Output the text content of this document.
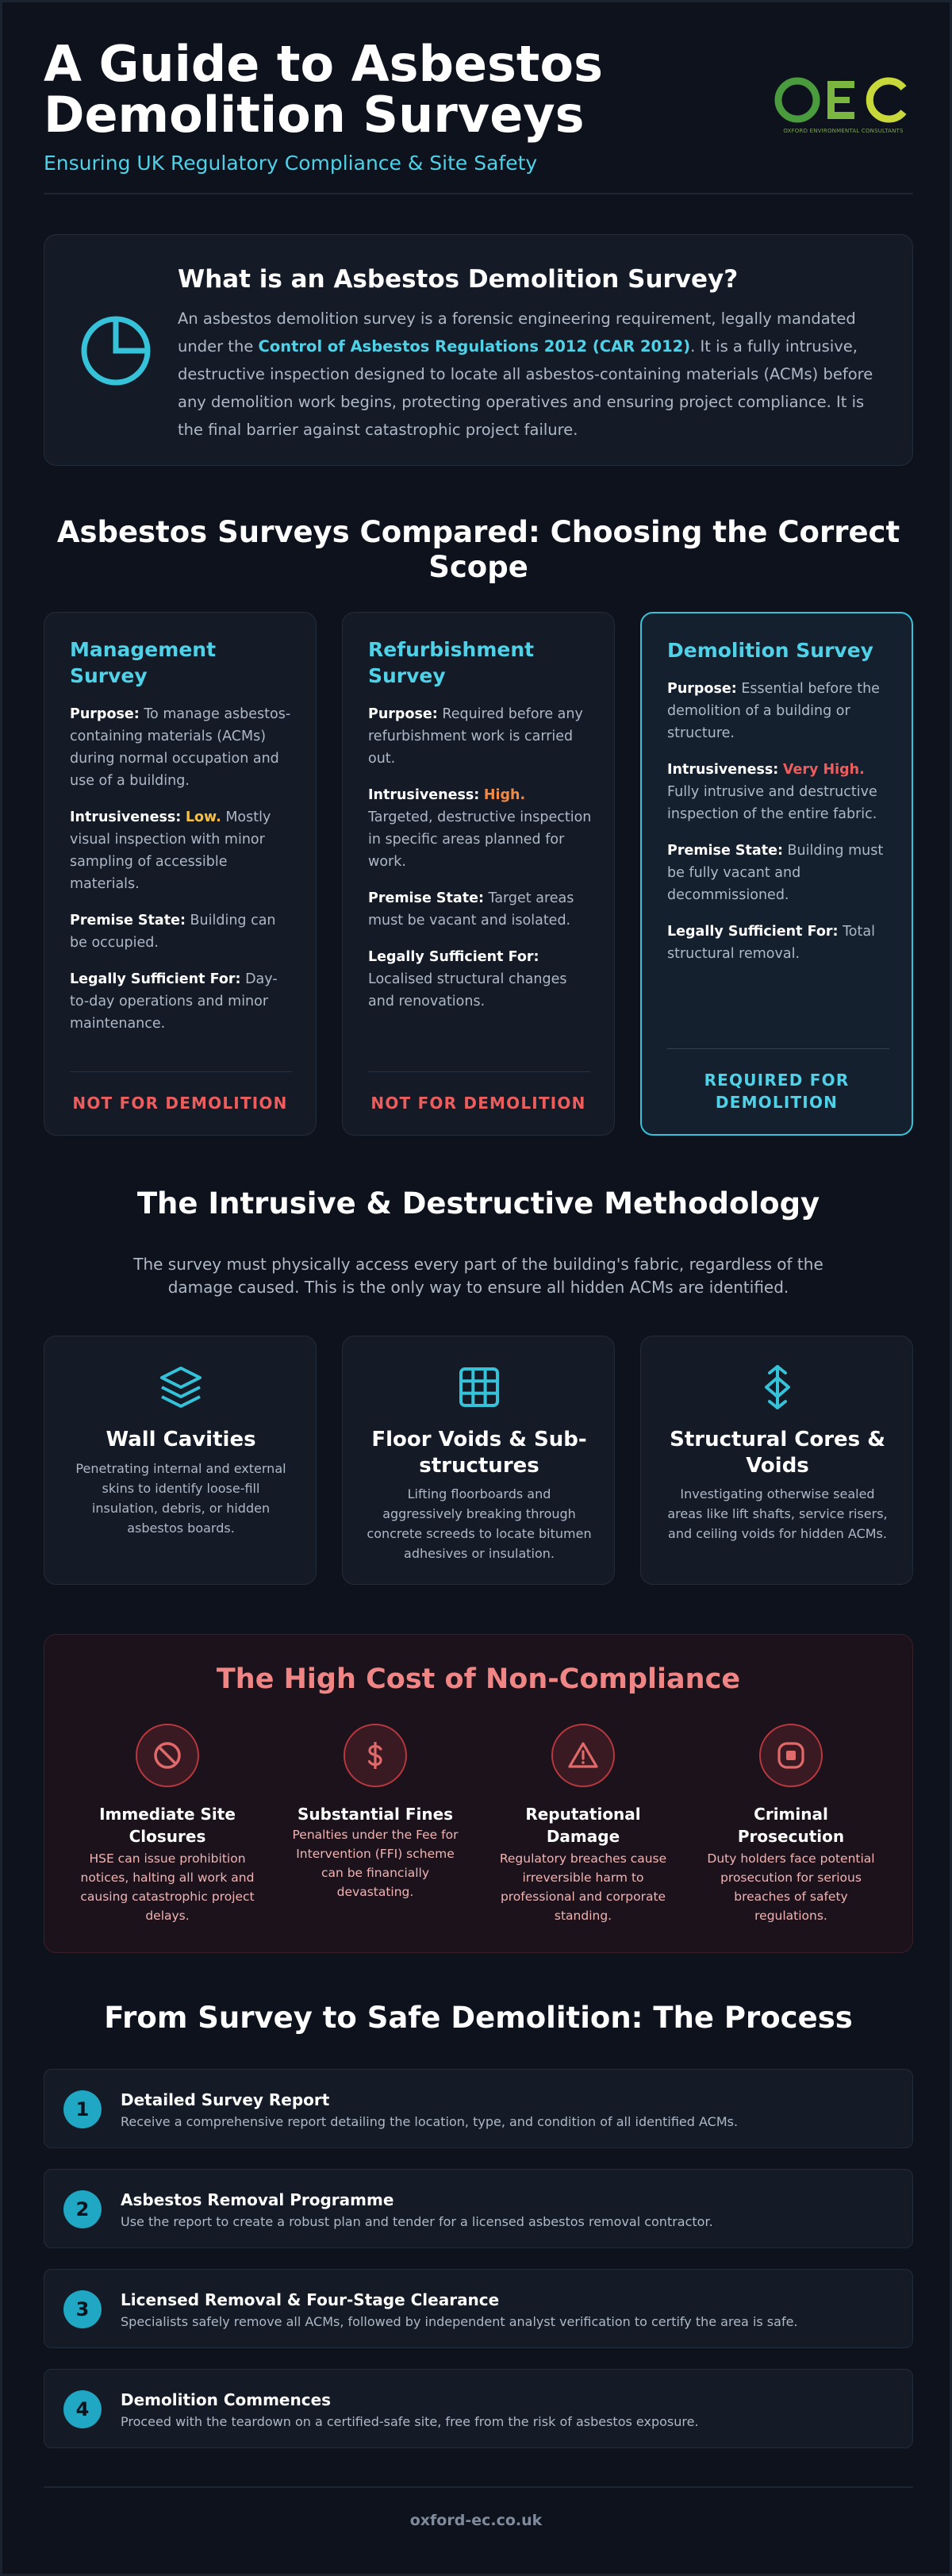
A Guide to Asbestos Demolition Surveys
Ensuring UK Regulatory Compliance & Site Safety
OXFORD ENVIRONMENTAL CONSULTANTS
What is an Asbestos Demolition Survey?
An asbestos demolition survey is a forensic engineering requirement, legally mandated under the Control of Asbestos Regulations 2012 (CAR 2012). It is a fully intrusive, destructive inspection designed to locate all asbestos-containing materials (ACMs) before any demolition work begins, protecting operatives and ensuring project compliance. It is the final barrier against catastrophic project failure.
Asbestos Surveys Compared: Choosing the Correct Scope
Management Survey
Purpose: To manage asbestos-containing materials (ACMs) during normal occupation and use of a building.
Intrusiveness: Low. Mostly visual inspection with minor sampling of accessible materials.
Premise State: Building can be occupied.
Legally Sufficient For: Day-to-day operations and minor maintenance.
NOT FOR DEMOLITION
Refurbishment Survey
Purpose: Required before any refurbishment work is carried out.
Intrusiveness: High. Targeted, destructive inspection in specific areas planned for work.
Premise State: Target areas must be vacant and isolated.
Legally Sufficient For: Localised structural changes and renovations.
NOT FOR DEMOLITION
Demolition Survey
Purpose: Essential before the demolition of a building or structure.
Intrusiveness: Very High. Fully intrusive and destructive inspection of the entire fabric.
Premise State: Building must be fully vacant and decommissioned.
Legally Sufficient For: Total structural removal.
REQUIRED FOR DEMOLITION
The Intrusive & Destructive Methodology
The survey must physically access every part of the building's fabric, regardless of the damage caused. This is the only way to ensure all hidden ACMs are identified.
Wall Cavities
Penetrating internal and external skins to identify loose-fill insulation, debris, or hidden asbestos boards.
Floor Voids & Sub-structures
Lifting floorboards and aggressively breaking through concrete screeds to locate bitumen adhesives or insulation.
Structural Cores & Voids
Investigating otherwise sealed areas like lift shafts, service risers, and ceiling voids for hidden ACMs.
The High Cost of Non-Compliance
Immediate Site Closures
HSE can issue prohibition notices, halting all work and causing catastrophic project delays.
Substantial Fines
Penalties under the Fee for Intervention (FFI) scheme can be financially devastating.
Reputational Damage
Regulatory breaches cause irreversible harm to professional and corporate standing.
Criminal Prosecution
Duty holders face potential prosecution for serious breaches of safety regulations.
From Survey to Safe Demolition: The Process
1	Detailed Survey Report
Receive a comprehensive report detailing the location, type, and condition of all identified ACMs.
2	Asbestos Removal Programme
Use the report to create a robust plan and tender for a licensed asbestos removal contractor.
3	Licensed Removal & Four-Stage Clearance
Specialists safely remove all ACMs, followed by independent analyst verification to certify the area is safe.
4	Demolition Commences
Proceed with the teardown on a certified-safe site, free from the risk of asbestos exposure.
oxford-ec.co.uk
